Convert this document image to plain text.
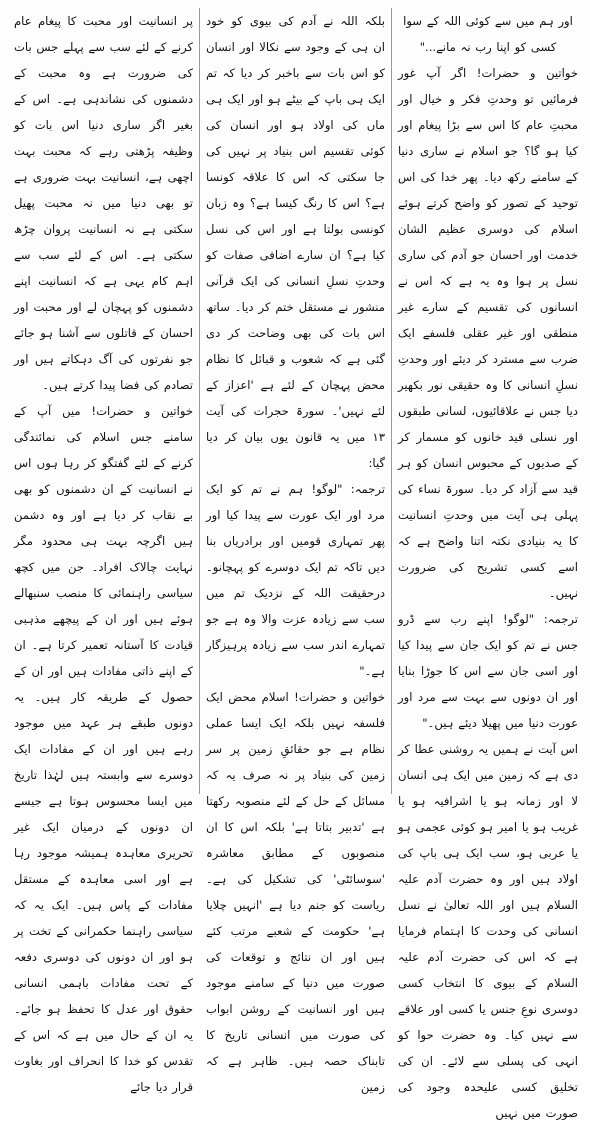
اور ہم میں سے کوئی اللہ کے سوا کسی کو اپنا رب نہ مانے..."

خواتین و حضرات! اگر آپ غور فرمائیں تو وحدتِ فکر و خیال اور محبتِ عام کا اس سے بڑا پیغام اور کیا ہو گا؟ جو اسلام نے ساری دنیا کے سامنے رکھ دیا۔ پھر خدا کی اس توحید کے تصور کو واضح کرتے ہوئے اسلام کی دوسری عظیم الشان خدمت اور احسان جو آدم کی ساری نسل پر ہوا وہ یہ ہے کہ اس نے انسانوں کی تقسیم کے سارے غیر منطقی اور غیر عقلی فلسفے ایک ضرب سے مسترد کر دیئے اور وحدتِ نسلِ انسانی کا وہ حقیقی نور بکھیر دیا جس نے علاقائیوں، لسانی طبقوں اور نسلی قید خانوں کو مسمار کر کے صدیوں کے محبوس انسان کو ہر قید سے آزاد کر دیا۔ سورۃ نساء کی پہلی ہی آیت میں وحدتِ انسانیت کا یہ بنیادی نکتہ اتنا واضح ہے کہ اسے کسی تشریح کی ضرورت نہیں۔

ترجمہ: "لوگو! اپنے رب سے ڈرو جس نے تم کو ایک جان سے پیدا کیا اور اسی جان سے اس کا جوڑا بنایا اور ان دونوں سے بہت سے مرد اور عورت دنیا میں پھیلا دیئے ہیں۔"

اس آیت نے ہمیں یہ روشنی عطا کر دی ہے کہ زمین میں ایک ہی انسان لا اور زمانہ ہو یا اشرافیہ ہو یا غریب ہو یا امیر ہو کوئی عجمی ہو یا عربی ہو، سب ایک ہی باپ کی اولاد ہیں اور وہ حضرت آدم علیہ السلام ہیں اور اللہ تعالیٰ نے نسل انسانی کی وحدت کا اہتمام فرمایا ہے کہ اس کی حضرت آدم علیہ السلام کے بیوی کا انتخاب کسی دوسری نوعِ جنس یا کسی اور علاقے سے نہیں کیا۔ وہ حضرت حوا کو انہی کی پسلی سے لائے۔ ان کی تخلیق کسی علیحدہ وجود کی صورت میں نہیں

بلکہ اللہ نے آدم کی بیوی کو خود ان ہی کے وجود سے نکالا اور انسان کو اس بات سے باخبر کر دیا کہ تم ایک ہی باپ کے بیٹے ہو اور ایک ہی ماں کی اولاد ہو اور انسان کی کوئی تقسیم اس بنیاد پر نہیں کی جا سکتی کہ اس کا علاقہ کونسا ہے؟ اس کا رنگ کیسا ہے؟ وہ زبان کونسی بولتا ہے اور اس کی نسل کیا ہے؟ ان سارے اضافی صفات کو وحدتِ نسلِ انسانی کی ایک قرآنی منشور نے مستقل ختم کر دیا۔ ساتھ اس بات کی بھی وضاحت کر دی گئی ہے کہ شعوب و قبائل کا نظام محض پہچان کے لئے ہے 'اعزاز کے لئے نہیں'۔ سورۃ حجرات کی آیت ۱۳ میں یہ قانون یوں بیان کر دیا گیا:

ترجمہ: "لوگو! ہم نے تم کو ایک مرد اور ایک عورت سے پیدا کیا اور پھر تمہاری قومیں اور برادریاں بنا دیں تاکہ تم ایک دوسرے کو پہچانو۔ درحقیقت اللہ کے نزدیک تم میں سب سے زیادہ عزت والا وہ ہے جو تمہارے اندر سب سے زیادہ پرہیزگار ہے۔"

خواتین و حضرات! اسلام محض ایک فلسفہ نہیں بلکہ ایک ایسا عملی نظام ہے جو حقائقِ زمین پر سر زمین کی بنیاد پر نہ صرف یہ کہ مسائل کے حل کے لئے منصوبہ رکھتا ہے 'تدبیر بتاتا ہے' بلکہ اس کا ان منصوبوں کے مطابق معاشرہ 'سوسائٹی' کی تشکیل کی ہے۔ ریاست کو جنم دیا ہے 'انہیں چلایا ہے' حکومت کے شعبے مرتب کئے ہیں اور ان نتائج و توقعات کی صورت میں دنیا کے سامنے موجود ہیں اور انسانیت کے روشن ابواب کی صورت میں انسانی تاریخ کا تابناک حصہ ہیں۔ ظاہر ہے کہ زمین

پر انسانیت اور محبت کا پیغام عام کرنے کے لئے سب سے پہلے جس بات کی ضرورت ہے وہ محبت کے دشمنوں کی نشاندہی ہے۔ اس کے بغیر اگر ساری دنیا اس بات کو وظیفہ پڑھتی رہے کہ محبت بہت اچھی ہے، انسانیت بہت ضروری ہے تو بھی دنیا میں نہ محبت پھیل سکتی ہے نہ انسانیت پروان چڑھ سکتی ہے۔ اس کے لئے سب سے اہم کام یہی ہے کہ انسانیت اپنے دشمنوں کو پہچان لے اور محبت اور احسان کے قاتلوں سے آشنا ہو جائے جو نفرتوں کی آگ دہکاتے ہیں اور تصادم کی فضا پیدا کرتے ہیں۔

خواتین و حضرات! میں آپ کے سامنے جس اسلام کی نمائندگی کرنے کے لئے گفتگو کر رہا ہوں اس نے انسانیت کے ان دشمنوں کو بھی بے نقاب کر دیا ہے اور وہ دشمن ہیں اگرچہ بہت ہی محدود مگر نہایت چالاک افراد۔ جن میں کچھ سیاسی راہنمائی کا منصب سنبھالے ہوئے ہیں اور ان کے پیچھے مذہبی قیادت کا آستانہ تعمیر کرتا ہے۔ ان کے اپنے ذاتی مفادات ہیں اور ان کے حصول کے طریقہ کار ہیں۔ یہ دونوں طبقے ہر عہد میں موجود رہے ہیں اور ان کے مفادات ایک دوسرے سے وابستہ ہیں لہٰذا تاریخ میں ایسا محسوس ہوتا ہے جیسے ان دونوں کے درمیان ایک غیر تحریری معاہدہ ہمیشہ موجود رہا ہے اور اسی معاہدہ کے مستقل مفادات کے پاس ہیں۔ ایک یہ کہ سیاسی راہنما حکمرانی کے تخت پر ہو اور ان دونوں کی دوسری دفعہ کے تحت مفادات باہمی انسانی حقوق اور عدل کا تحفظ ہو جائے۔ یہ ان کے حال میں ہے کہ اس کے تقدس کو خدا کا انحراف اور بغاوت قرار دیا جائے
